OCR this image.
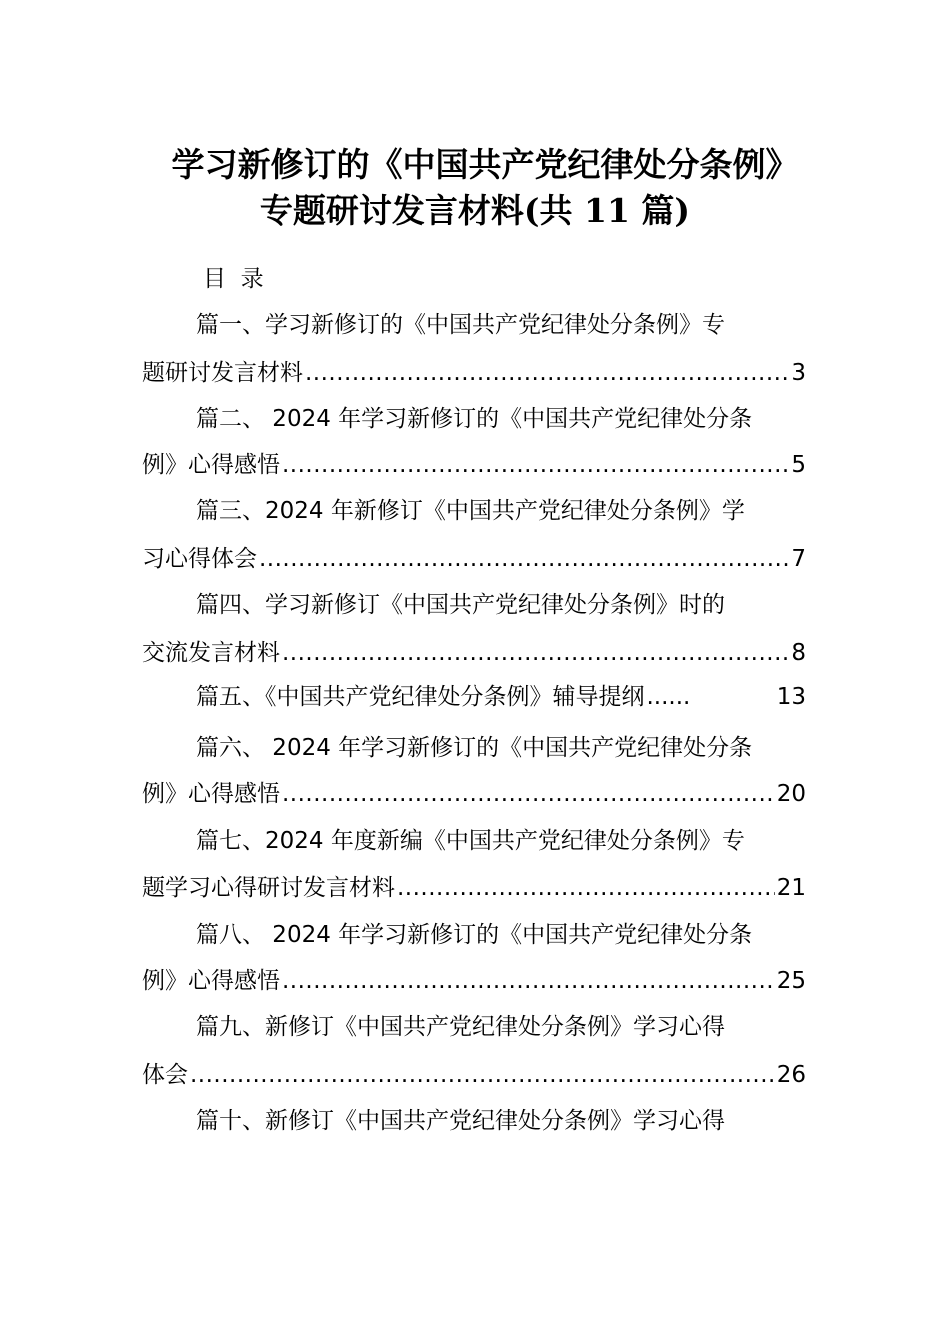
学习新修订的《中国共产党纪律处分条例》
专题研讨发言材料(共 11 篇)
目  录
篇一、学习新修订的《中国共产党纪律处分条例》专
题研讨发言材料 .....	3
篇二、 2024 年学习新修订的《中国共产党纪律处分条
例》心得感悟 .....	5
篇三、2024 年新修订《中国共产党纪律处分条例》学
习心得体会 .....	7
篇四、学习新修订《中国共产党纪律处分条例》时的
交流发言材料 .....	8
篇五、《中国共产党纪律处分条例》辅导提纲 ......	13
篇六、 2024 年学习新修订的《中国共产党纪律处分条
例》心得感悟 .....	20
篇七、2024 年度新编《中国共产党纪律处分条例》专
题学习心得研讨发言材料 .....	21
篇八、 2024 年学习新修订的《中国共产党纪律处分条
例》心得感悟 .....	25
篇九、新修订《中国共产党纪律处分条例》学习心得
体会 .....	26
篇十、新修订《中国共产党纪律处分条例》学习心得
